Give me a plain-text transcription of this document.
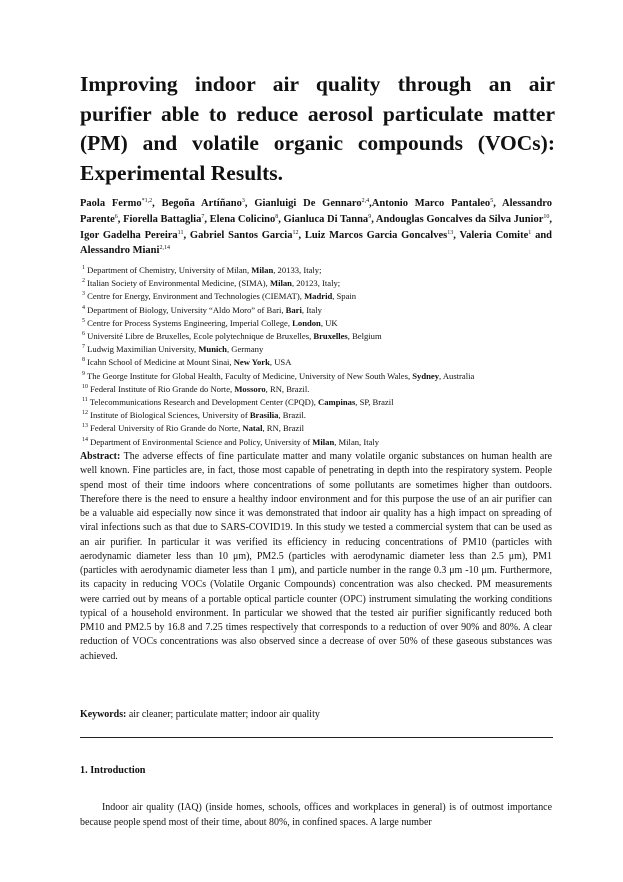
Improving indoor air quality through an air purifier able to reduce aerosol particulate matter (PM) and volatile organic compounds (VOCs): Experimental Results.
Paola Fermo$^{*1,2}$, Begoña Artíñano$^3$, Gianluigi De Gennaro$^{2,4}$,Antonio Marco Pantaleo$^5$, Alessandro Parente$^6$, Fiorella Battaglia$^7$, Elena Colicino$^8$, Gianluca Di Tanna$^9$, Andouglas Goncalves da Silva Junior$^{10}$, Igor Gadelha Pereira$^{11}$, Gabriel Santos Garcia$^{12}$, Luiz Marcos Garcia Goncalves$^{13}$, Valeria Comite$^1$ and Alessandro Miani$^{2,14}$
$^1$ Department of Chemistry, University of Milan, Milan, 20133, Italy;
$^2$ Italian Society of Environmental Medicine, (SIMA), Milan, 20123, Italy;
$^3$ Centre for Energy, Environment and Technologies (CIEMAT), Madrid, Spain
$^4$ Department of Biology, University “Aldo Moro” of Bari, Bari, Italy
$^5$ Centre for Process Systems Engineering, Imperial College, London, UK
$^6$ Université Libre de Bruxelles, Ecole polytechnique de Bruxelles, Bruxelles, Belgium
$^7$ Ludwig Maximilian University, Munich, Germany
$^8$ Icahn School of Medicine at Mount Sinai, New York, USA
$^9$ The George Institute for Global Health, Faculty of Medicine, University of New South Wales, Sydney, Australia
$^{10}$ Federal Institute of Rio Grande do Norte, Mossoro, RN, Brazil.
$^{11}$ Telecommunications Research and Development Center (CPQD), Campinas, SP, Brazil
$^{12}$ Institute of Biological Sciences, University of Brasilia, Brazil.
$^{13}$ Federal University of Rio Grande do Norte, Natal, RN, Brazil
$^{14}$ Department of Environmental Science and Policy, University of Milan, Milan, Italy
Abstract: The adverse effects of fine particulate matter and many volatile organic substances on human health are well known. Fine particles are, in fact, those most capable of penetrating in depth into the respiratory system. People spend most of their time indoors where concentrations of some pollutants are sometimes higher than outdoors. Therefore there is the need to ensure a healthy indoor environment and for this purpose the use of an air purifier can be a valuable aid especially now since it was demonstrated that indoor air quality has a high impact on spreading of viral infections such as that due to SARS-COVID19. In this study we tested a commercial system that can be used as an air purifier. In particular it was verified its efficiency in reducing concentrations of PM10 (particles with aerodynamic diameter less than 10 μm), PM2.5 (particles with aerodynamic diameter less than 2.5 μm), PM1 (particles with aerodynamic diameter less than 1 μm), and particle number in the range 0.3 μm -10 μm. Furthermore, its capacity in reducing VOCs (Volatile Organic Compounds) concentration was also checked. PM measurements were carried out by means of a portable optical particle counter (OPC) instrument simulating the working conditions typical of a household environment. In particular we showed that the tested air purifier significantly reduced both PM10 and PM2.5 by 16.8 and 7.25 times respectively that corresponds to a reduction of over 90% and 80%. A clear reduction of VOCs concentrations was also observed since a decrease of over 50% of these gaseous substances was achieved.
Keywords: air cleaner; particulate matter; indoor air quality
1. Introduction
Indoor air quality (IAQ) (inside homes, schools, offices and workplaces in general) is of outmost importance because people spend most of their time, about 80%, in confined spaces. A large number
